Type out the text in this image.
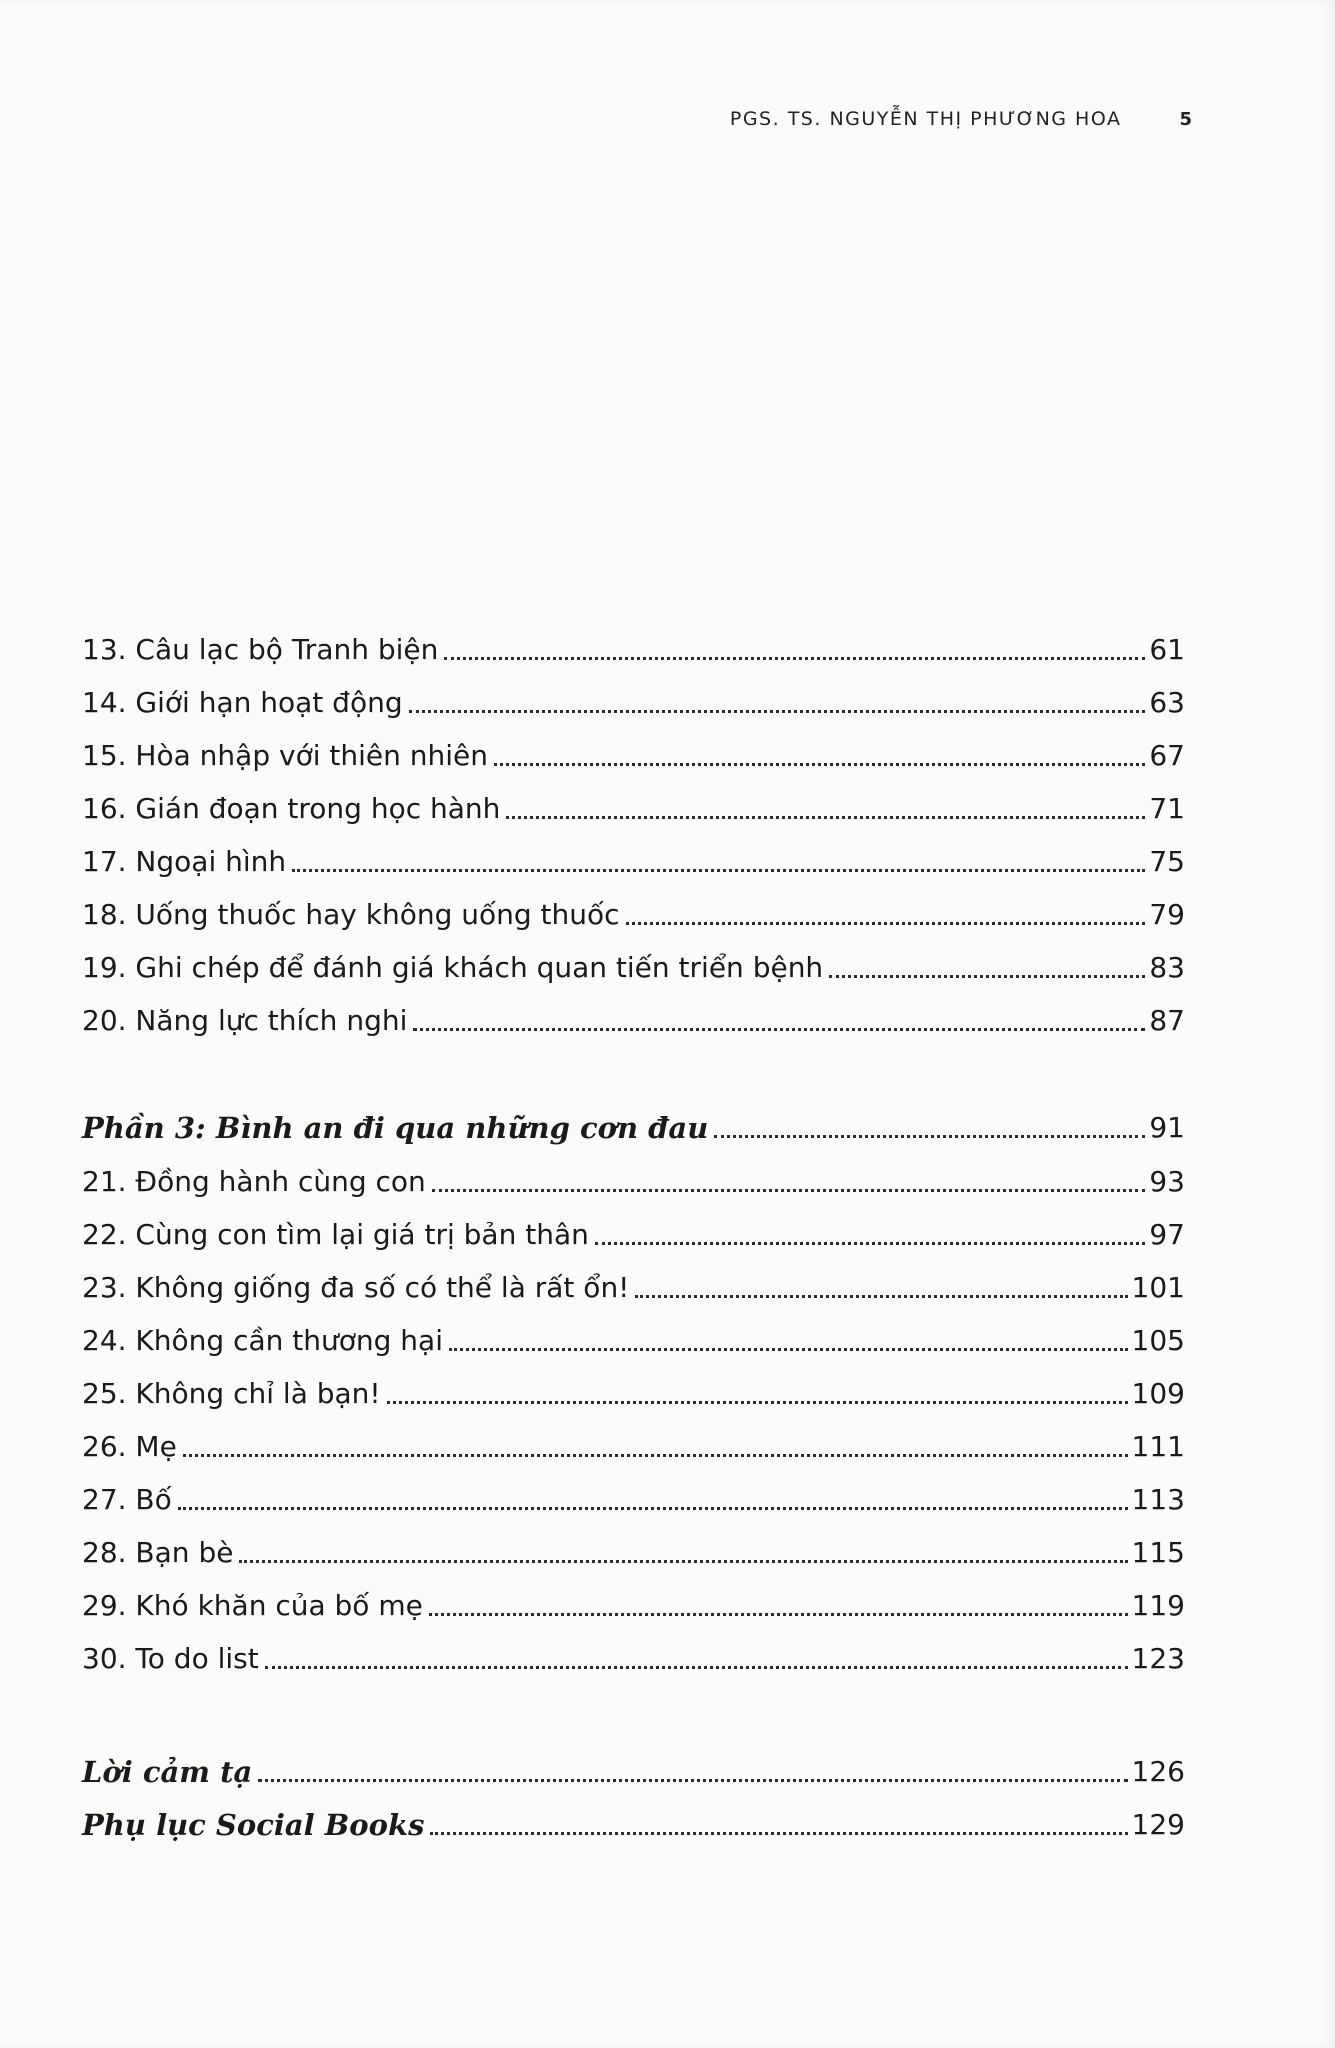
PGS. TS. NGUYỄN THỊ PHƯƠNG HOA	5
13. Câu lạc bộ Tranh biện	61
14. Giới hạn hoạt động	63
15. Hòa nhập với thiên nhiên	67
16. Gián đoạn trong học hành	71
17. Ngoại hình	75
18. Uống thuốc hay không uống thuốc	79
19. Ghi chép để đánh giá khách quan tiến triển bệnh	83
20. Năng lực thích nghi	87
Phần 3: Bình an đi qua những cơn đau	91
21. Đồng hành cùng con	93
22. Cùng con tìm lại giá trị bản thân	97
23. Không giống đa số có thể là rất ổn!	101
24. Không cần thương hại	105
25. Không chỉ là bạn!	109
26. Mẹ	111
27. Bố	113
28. Bạn bè	115
29. Khó khăn của bố mẹ	119
30. To do list	123
Lời cảm tạ	126
Phụ lục Social Books	129
